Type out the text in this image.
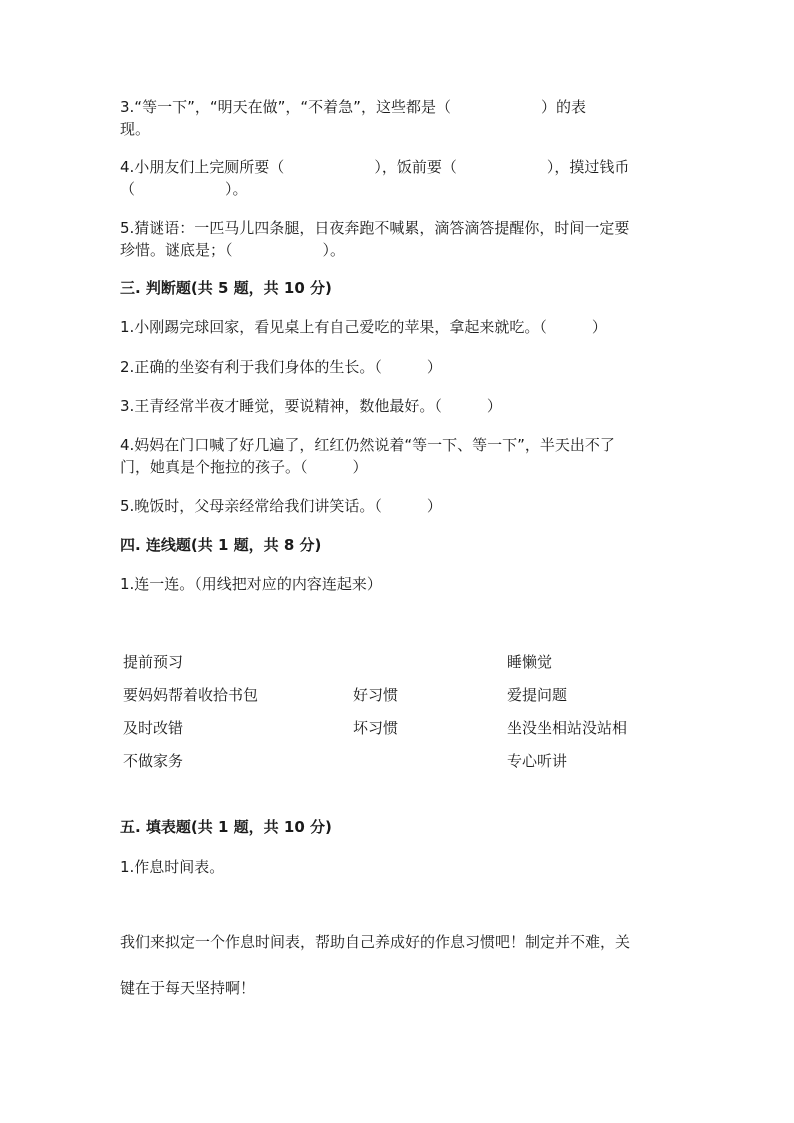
3.“等一下”，“明天在做”，“不着急”，这些都是（　　　　　　）的表
现。
4.小朋友们上完厕所要（　　　　　　），饭前要（　　　　　　），摸过钱币
（　　　　　　）。
5.猜谜语：一匹马儿四条腿，日夜奔跑不喊累，滴答滴答提醒你，时间一定要
珍惜。谜底是；（　　　　　　）。
三. 判断题(共 5 题，共 10 分)
1.小刚踢完球回家，看见桌上有自己爱吃的苹果，拿起来就吃。（　　　）
2.正确的坐姿有利于我们身体的生长。（　　　）
3.王青经常半夜才睡觉，要说精神，数他最好。（　　　）
4.妈妈在门口喊了好几遍了，红红仍然说着“等一下、等一下”，半天出不了
门，她真是个拖拉的孩子。（　　　）
5.晚饭时，父母亲经常给我们讲笑话。（　　　）
四. 连线题(共 1 题，共 8 分)
1.连一连。（用线把对应的内容连起来）
提前预习
要妈妈帮着收拾书包
及时改错
不做家务
好习惯
坏习惯
睡懒觉
爱提问题
坐没坐相站没站相
专心听讲
五. 填表题(共 1 题，共 10 分)
1.作息时间表。
我们来拟定一个作息时间表，帮助自己养成好的作息习惯吧！制定并不难，关
键在于每天坚持啊！
